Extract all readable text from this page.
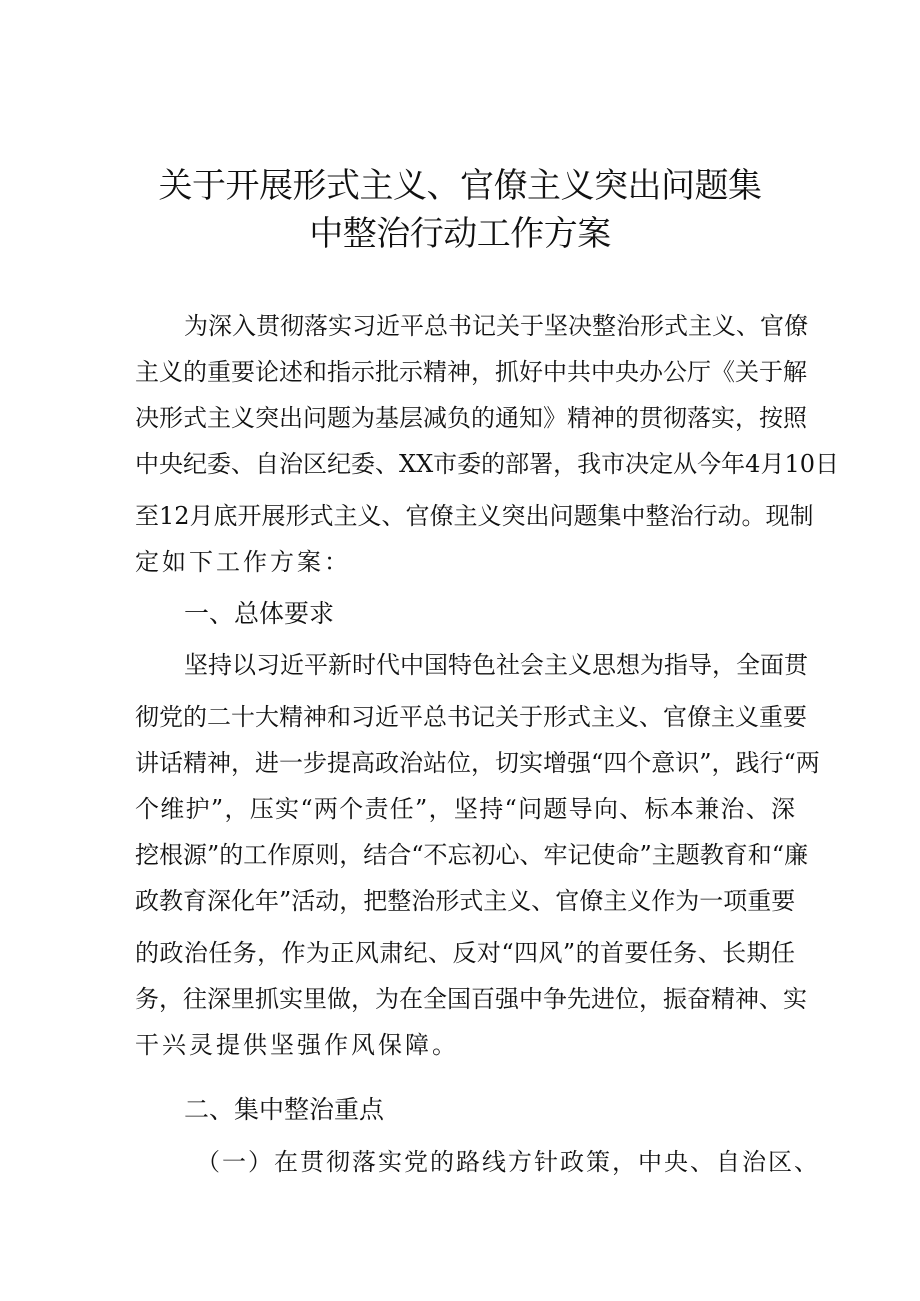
关于开展形式主义、官僚主义突出问题集
中整治行动工作方案
为深入贯彻落实习近平总书记关于坚决整治形式主义、官僚
主义的重要论述和指示批示精神，抓好中共中央办公厅《关于解
决形式主义突出问题为基层减负的通知》精神的贯彻落实，按照
中央纪委、自治区纪委、XX市委的部署，我市决定从今年4月10日
至12月底开展形式主义、官僚主义突出问题集中整治行动。现制
定如下工作方案：
一、总体要求
坚持以习近平新时代中国特色社会主义思想为指导，全面贯
彻党的二十大精神和习近平总书记关于形式主义、官僚主义重要
讲话精神，进一步提高政治站位，切实增强“四个意识”，践行“两
个维护”，压实“两个责任”，坚持“问题导向、标本兼治、深
挖根源”的工作原则，结合“不忘初心、牢记使命”主题教育和“廉
政教育深化年”活动，把整治形式主义、官僚主义作为一项重要
的政治任务，作为正风肃纪、反对“四风”的首要任务、长期任
务，往深里抓实里做，为在全国百强中争先进位，振奋精神、实
干兴灵提供坚强作风保障。
二、集中整治重点
（一）在贯彻落实党的路线方针政策，中央、自治区、
